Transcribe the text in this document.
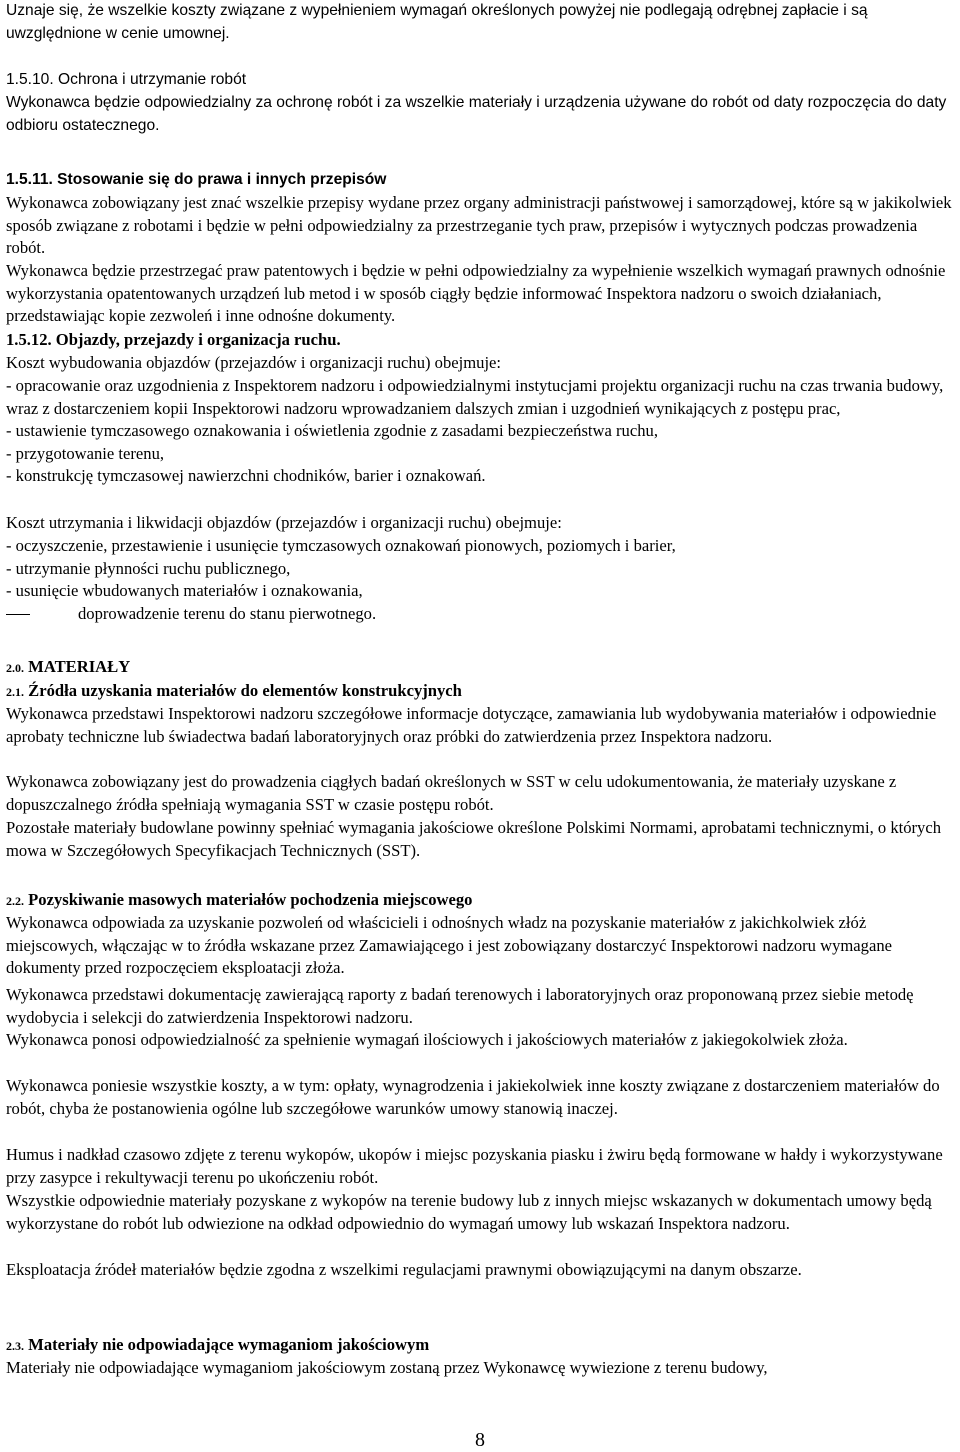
Uznaje się, że wszelkie koszty związane z wypełnieniem wymagań określonych powyżej nie podlegają odrębnej zapłacie i są uwzględnione w cenie umownej.

1.5.10. Ochrona i utrzymanie robót

Wykonawca będzie odpowiedzialny za ochronę robót i za wszelkie materiały i urządzenia używane do robót od daty rozpoczęcia do daty odbioru ostatecznego.

1.5.11. Stosowanie się do prawa i innych przepisów

Wykonawca zobowiązany jest znać wszelkie przepisy wydane przez organy administracji państwowej i samorządowej, które są w jakikolwiek sposób związane z robotami i będzie w pełni odpowiedzialny za przestrzeganie tych praw, przepisów i wytycznych podczas prowadzenia robót.

Wykonawca będzie przestrzegać praw patentowych i będzie w pełni odpowiedzialny za wypełnienie wszelkich wymagań prawnych odnośnie wykorzystania opatentowanych urządzeń lub metod i w sposób ciągły będzie informować Inspektora nadzoru o swoich działaniach, przedstawiając kopie zezwoleń i inne odnośne dokumenty.

1.5.12. Objazdy, przejazdy i organizacja ruchu.

Koszt wybudowania objazdów (przejazdów i organizacji ruchu) obejmuje:

- opracowanie oraz uzgodnienia z Inspektorem nadzoru i odpowiedzialnymi instytucjami projektu organizacji ruchu na czas trwania budowy, wraz z dostarczeniem kopii Inspektorowi nadzoru wprowadzaniem dalszych zmian i uzgodnień wynikających z postępu prac,

- ustawienie tymczasowego oznakowania i oświetlenia zgodnie z zasadami bezpieczeństwa ruchu,

- przygotowanie terenu,

- konstrukcję tymczasowej nawierzchni chodników, barier i oznakowań.

Koszt utrzymania i likwidacji objazdów (przejazdów i organizacji ruchu) obejmuje:

- oczyszczenie, przestawienie i usunięcie tymczasowych oznakowań pionowych, poziomych i barier,

- utrzymanie płynności ruchu publicznego,

- usunięcie wbudowanych materiałów i oznakowania,

doprowadzenie terenu do stanu pierwotnego.

2.0. MATERIAŁY

2.1. Źródła uzyskania materiałów do elementów konstrukcyjnych

Wykonawca przedstawi Inspektorowi nadzoru szczegółowe informacje dotyczące, zamawiania lub wydobywania materiałów i odpowiednie aprobaty techniczne lub świadectwa badań laboratoryjnych oraz próbki do zatwierdzenia przez Inspektora nadzoru.

Wykonawca zobowiązany jest do prowadzenia ciągłych badań określonych w SST w celu udokumentowania, że materiały uzyskane z dopuszczalnego źródła spełniają wymagania SST w czasie postępu robót.

Pozostałe materiały budowlane powinny spełniać wymagania jakościowe określone Polskimi Normami, aprobatami technicznymi, o których mowa w Szczegółowych Specyfikacjach Technicznych (SST).

2.2. Pozyskiwanie masowych materiałów pochodzenia miejscowego

Wykonawca odpowiada za uzyskanie pozwoleń od właścicieli i odnośnych władz na pozyskanie materiałów z jakichkolwiek złóż miejscowych, włączając w to źródła wskazane przez Zamawiającego i jest zobowiązany dostarczyć Inspektorowi nadzoru wymagane dokumenty przed rozpoczęciem eksploatacji złoża.

Wykonawca przedstawi dokumentację zawierającą raporty z badań terenowych i laboratoryjnych oraz proponowaną przez siebie metodę wydobycia i selekcji do zatwierdzenia Inspektorowi nadzoru.

Wykonawca ponosi odpowiedzialność za spełnienie wymagań ilościowych i jakościowych materiałów z jakiegokolwiek złoża.

Wykonawca poniesie wszystkie koszty, a w tym: opłaty, wynagrodzenia i jakiekolwiek inne koszty związane z dostarczeniem materiałów do robót, chyba że postanowienia ogólne lub szczegółowe warunków umowy stanowią inaczej.

Humus i nadkład czasowo zdjęte z terenu wykopów, ukopów i miejsc pozyskania piasku i żwiru będą formowane w hałdy i wykorzystywane przy zasypce i rekultywacji terenu po ukończeniu robót.

Wszystkie odpowiednie materiały pozyskane z wykopów na terenie budowy lub z innych miejsc wskazanych w dokumentach umowy będą wykorzystane do robót lub odwiezione na odkład odpowiednio do wymagań umowy lub wskazań Inspektora nadzoru.

Eksploatacja źródeł materiałów będzie zgodna z wszelkimi regulacjami prawnymi obowiązującymi na danym obszarze.

2.3. Materiały nie odpowiadające wymaganiom jakościowym

Materiały nie odpowiadające wymaganiom jakościowym zostaną przez Wykonawcę wywiezione z terenu budowy,

8
